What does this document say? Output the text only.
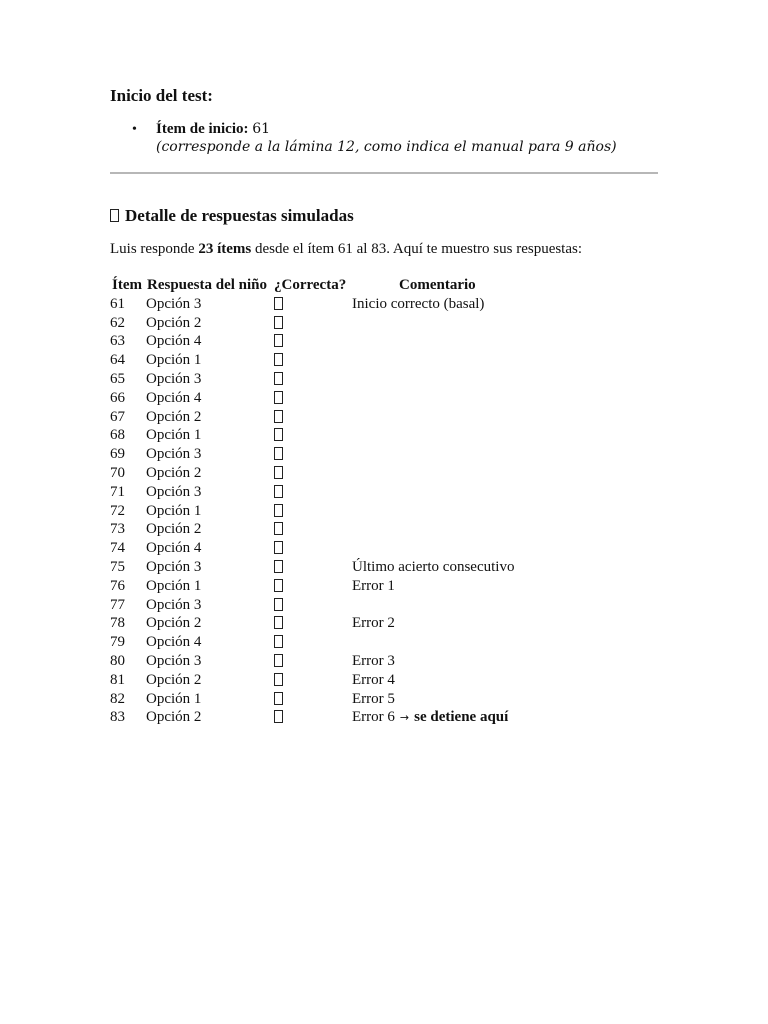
Inicio del test:
• Ítem de inicio: 61
(corresponde a la lámina 12, como indica el manual para 9 años)
Detalle de respuestas simuladas
Luis responde 23 ítems desde el ítem 61 al 83. Aquí te muestro sus respuestas:
Ítem Respuesta del niño ¿Correcta?	Comentario
61 Opción 3	Inicio correcto (basal)
62 Opción 2
63 Opción 4
64 Opción 1
65 Opción 3
66 Opción 4
67 Opción 2
68 Opción 1
69 Opción 3
70 Opción 2
71 Opción 3
72 Opción 1
73 Opción 2
74 Opción 4
75 Opción 3	Último acierto consecutivo
76 Opción 1	Error 1
77 Opción 3
78 Opción 2	Error 2
79 Opción 4
80 Opción 3	Error 3
81 Opción 2	Error 4
82 Opción 1	Error 5
83 Opción 2	Error 6 → se detiene aquí
